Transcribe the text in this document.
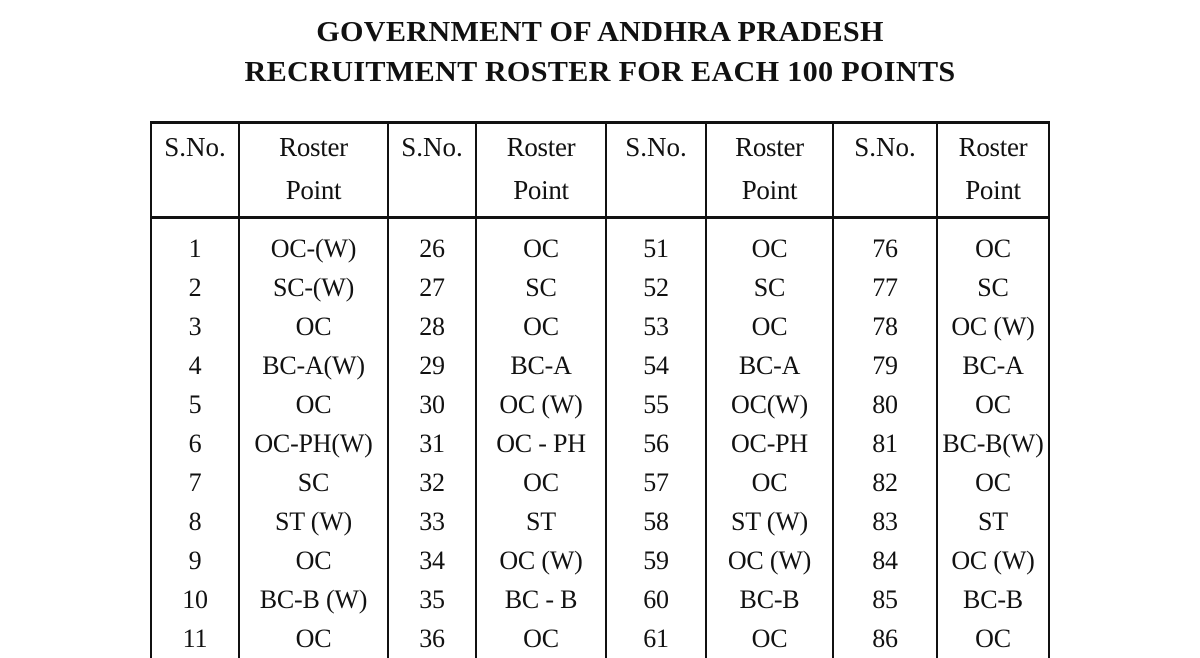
GOVERNMENT OF ANDHRA PRADESH
RECRUITMENT ROSTER FOR EACH 100 POINTS
S.No.	Roster
Point	S.No.	Roster
Point	S.No.	Roster
Point	S.No.	Roster
Point
1	OC-(W)	26	OC	51	OC	76	OC
2	SC-(W)	27	SC	52	SC	77	SC
3	OC	28	OC	53	OC	78	OC (W)
4	BC-A(W)	29	BC-A	54	BC-A	79	BC-A
5	OC	30	OC (W)	55	OC(W)	80	OC
6	OC-PH(W)	31	OC - PH	56	OC-PH	81	BC-B(W)
7	SC	32	OC	57	OC	82	OC
8	ST (W)	33	ST	58	ST (W)	83	ST
9	OC	34	OC (W)	59	OC (W)	84	OC (W)
10	BC-B (W)	35	BC - B	60	BC-B	85	BC-B
11	OC	36	OC	61	OC	86	OC
